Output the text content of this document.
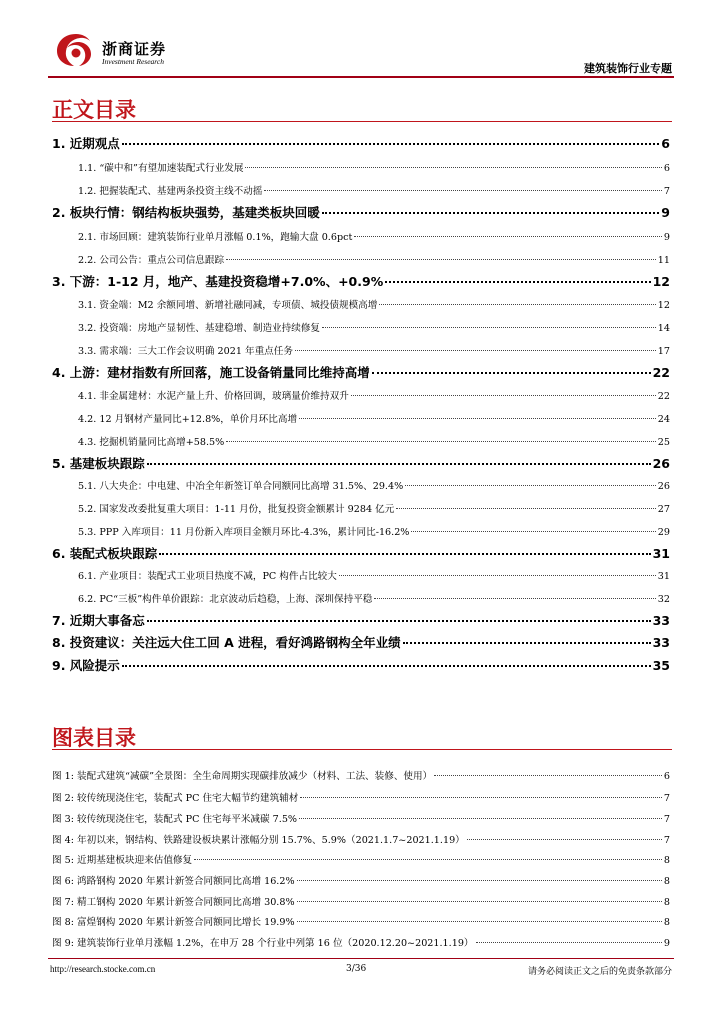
浙商证券
Investment Research
建筑装饰行业专题
正文目录
1. 近期观点	6
1.1. “碳中和”有望加速装配式行业发展	6
1.2. 把握装配式、基建两条投资主线不动摇	7
2. 板块行情：钢结构板块强势，基建类板块回暖	9
2.1. 市场回顾：建筑装饰行业单月涨幅 0.1%，跑输大盘 0.6pct	9
2.2. 公司公告：重点公司信息跟踪	11
3. 下游：1-12 月，地产、基建投资稳增+7.0%、+0.9%	12
3.1. 资金端：M2 余额同增、新增社融同减，专项债、城投债规模高增	12
3.2. 投资端：房地产显韧性、基建稳增、制造业持续修复	14
3.3. 需求端：三大工作会议明确 2021 年重点任务	17
4. 上游：建材指数有所回落，施工设备销量同比维持高增	22
4.1. 非金属建材：水泥产量上升、价格回调，玻璃量价维持双升	22
4.2. 12 月钢材产量同比+12.8%，单价月环比高增	24
4.3. 挖掘机销量同比高增+58.5%	25
5. 基建板块跟踪	26
5.1. 八大央企：中电建、中冶全年新签订单合同额同比高增 31.5%、29.4%	26
5.2. 国家发改委批复重大项目：1-11 月份，批复投资金额累计 9284 亿元	27
5.3. PPP 入库项目：11 月份新入库项目金额月环比-4.3%，累计同比-16.2%	29
6. 装配式板块跟踪	31
6.1. 产业项目：装配式工业项目热度不减，PC 构件占比较大	31
6.2. PC“三板”构件单价跟踪：北京波动后趋稳，上海、深圳保持平稳	32
7. 近期大事备忘	33
8. 投资建议：关注远大住工回 A 进程，看好鸿路钢构全年业绩	33
9. 风险提示	35
图表目录
图 1: 装配式建筑“减碳”全景图：全生命周期实现碳排放减少（材料、工法、装修、使用）	6
图 2: 较传统现浇住宅，装配式 PC 住宅大幅节约建筑辅材	7
图 3: 较传统现浇住宅，装配式 PC 住宅每平米减碳 7.5%	7
图 4: 年初以来，钢结构、铁路建设板块累计涨幅分别 15.7%、5.9%（2021.1.7~2021.1.19）	7
图 5: 近期基建板块迎来估值修复	8
图 6: 鸿路钢构 2020 年累计新签合同额同比高增 16.2%	8
图 7: 精工钢构 2020 年累计新签合同额同比高增 30.8%	8
图 8: 富煌钢构 2020 年累计新签合同额同比增长 19.9%	8
图 9: 建筑装饰行业单月涨幅 1.2%，在申万 28 个行业中列第 16 位（2020.12.20~2021.1.19）	9
http://research.stocke.com.cn	3/36	请务必阅读正文之后的免责条款部分
